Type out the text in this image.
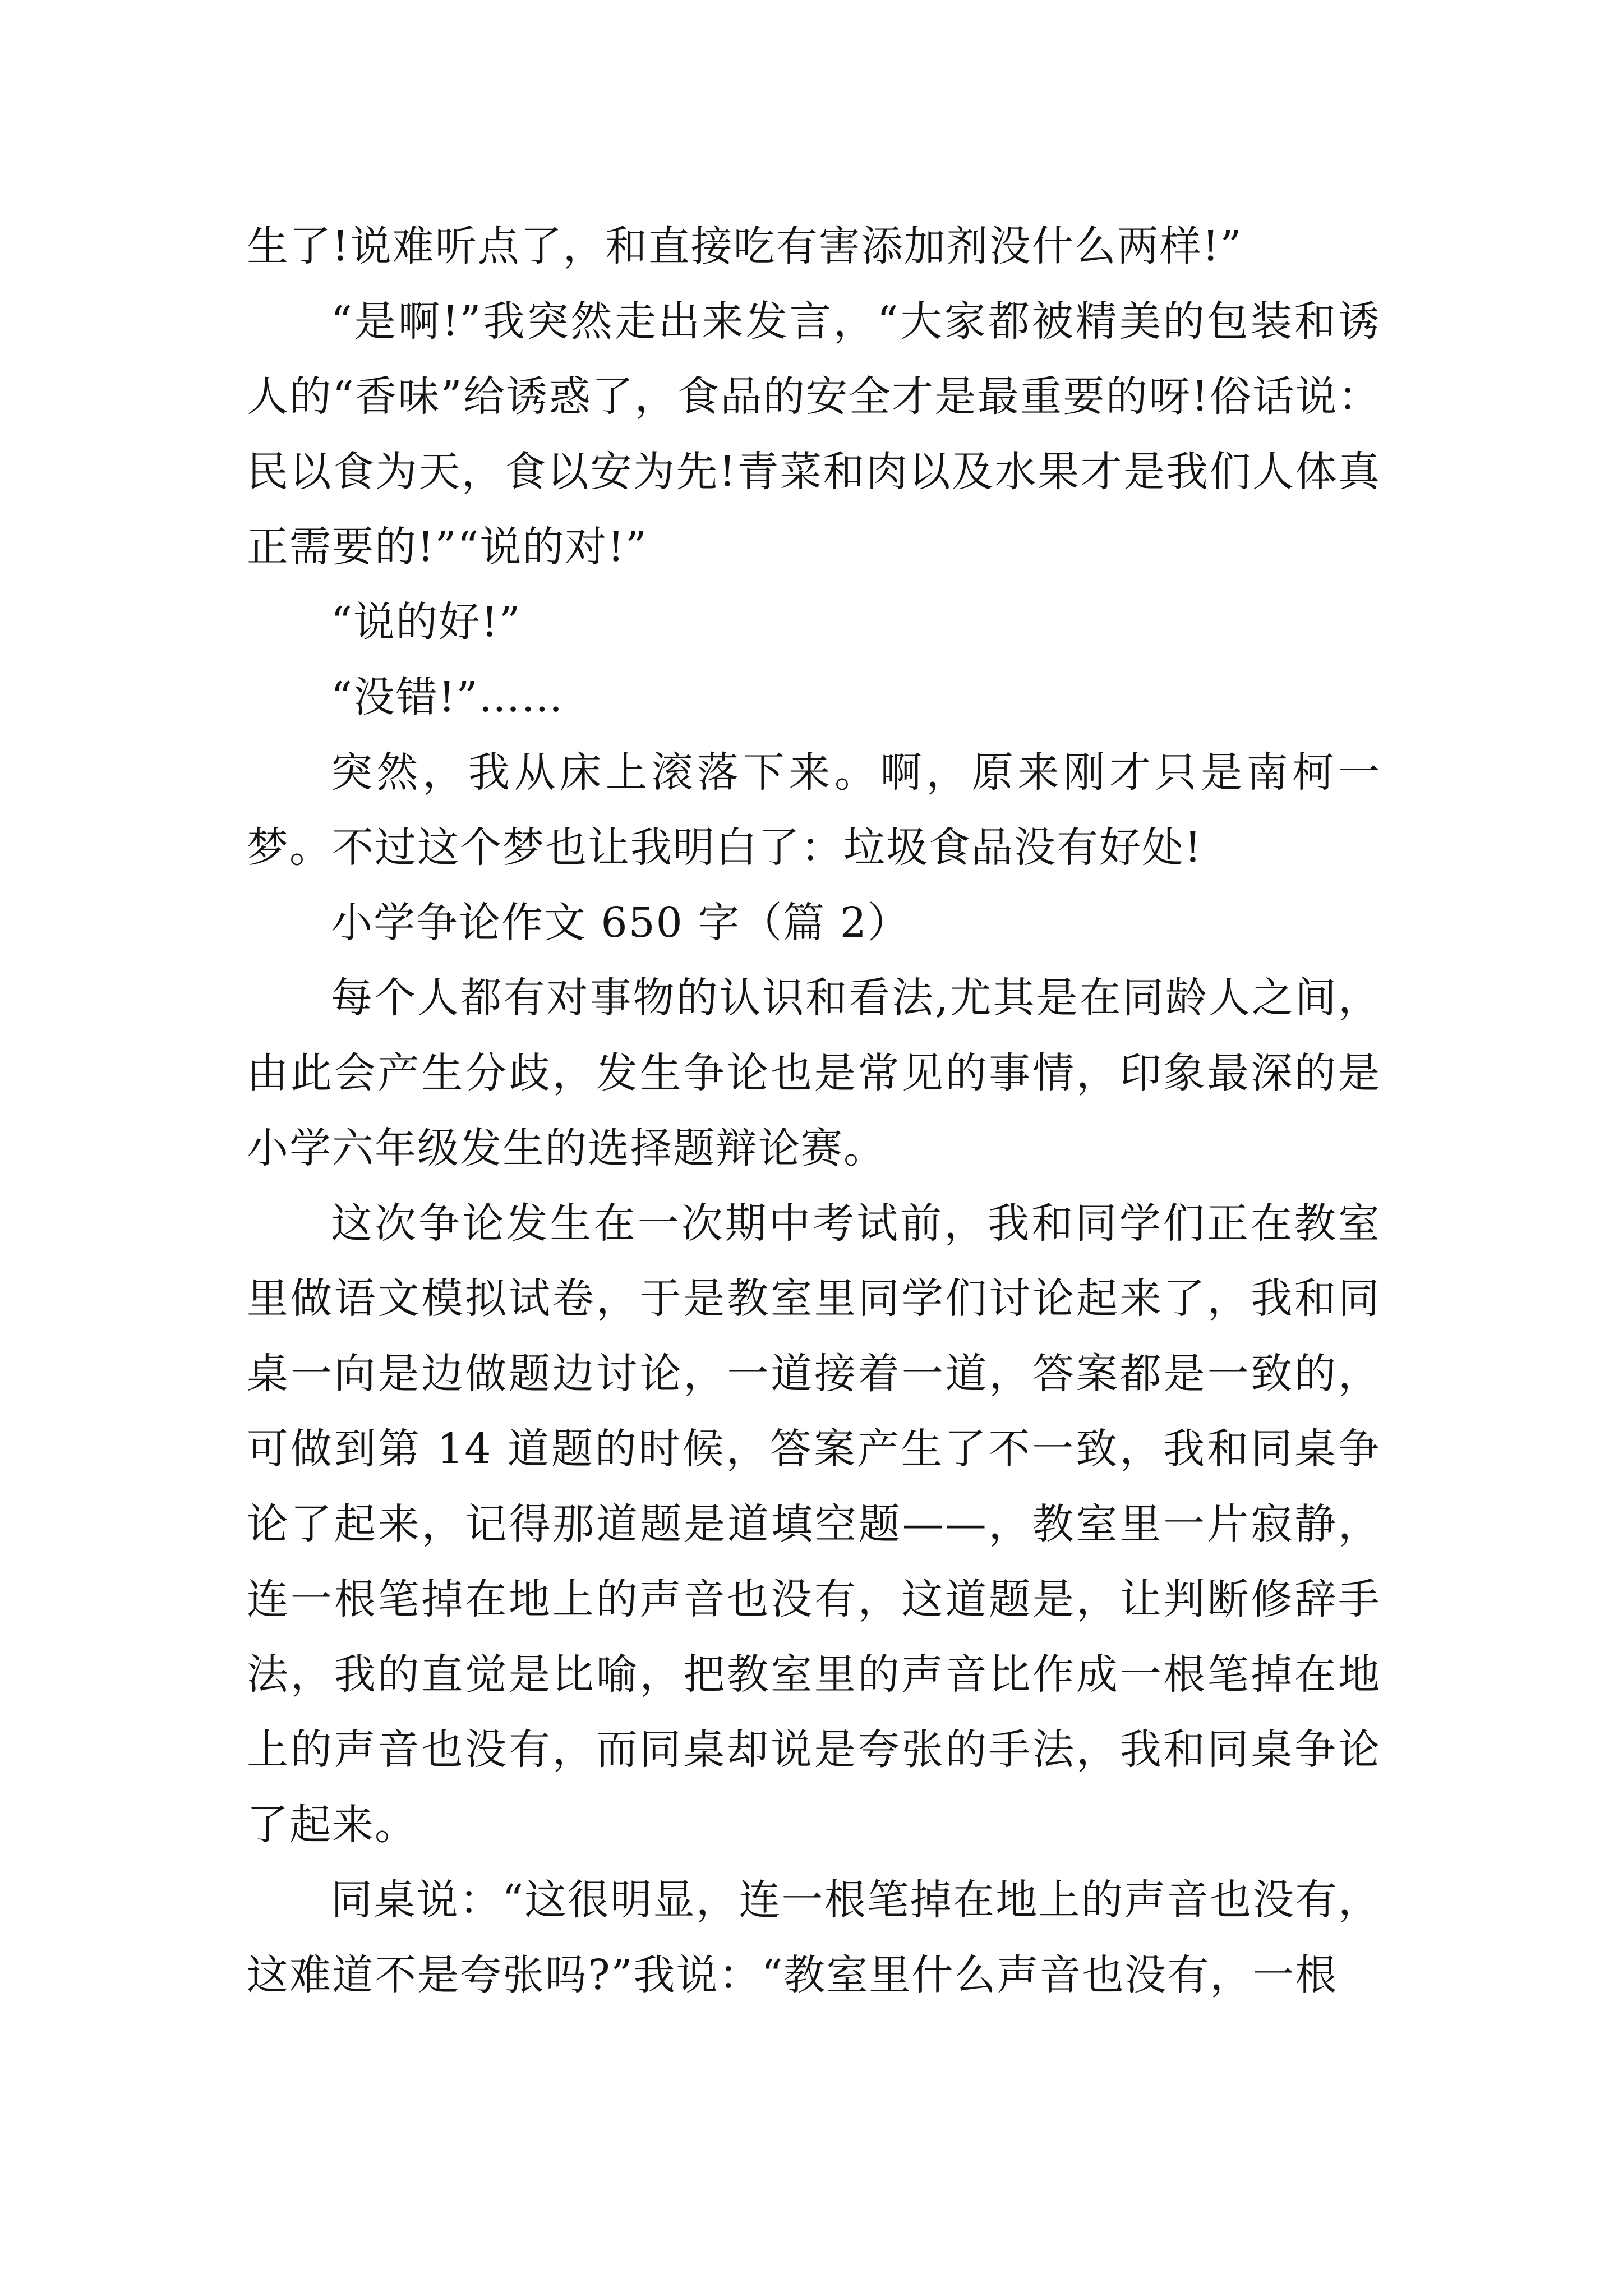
生了!说难听点了，和直接吃有害添加剂没什么两样!”

“是啊!”我突然走出来发言，“大家都被精美的包装和诱人的“香味”给诱惑了，食品的安全才是最重要的呀!俗话说：民以食为天，食以安为先!青菜和肉以及水果才是我们人体真正需要的!”“说的对!”

“说的好!”

“没错!”……

突然，我从床上滚落下来。啊，原来刚才只是南柯一梦。不过这个梦也让我明白了：垃圾食品没有好处!

小学争论作文 650 字（篇 2）

每个人都有对事物的认识和看法,尤其是在同龄人之间，由此会产生分歧，发生争论也是常见的事情，印象最深的是小学六年级发生的选择题辩论赛。

这次争论发生在一次期中考试前，我和同学们正在教室里做语文模拟试卷，于是教室里同学们讨论起来了，我和同桌一向是边做题边讨论，一道接着一道，答案都是一致的，可做到第 14 道题的时候，答案产生了不一致，我和同桌争论了起来，记得那道题是道填空题——，教室里一片寂静，连一根笔掉在地上的声音也没有，这道题是，让判断修辞手法，我的直觉是比喻，把教室里的声音比作成一根笔掉在地上的声音也没有，而同桌却说是夸张的手法，我和同桌争论了起来。

同桌说：“这很明显，连一根笔掉在地上的声音也没有，这难道不是夸张吗?”我说：“教室里什么声音也没有，一根
